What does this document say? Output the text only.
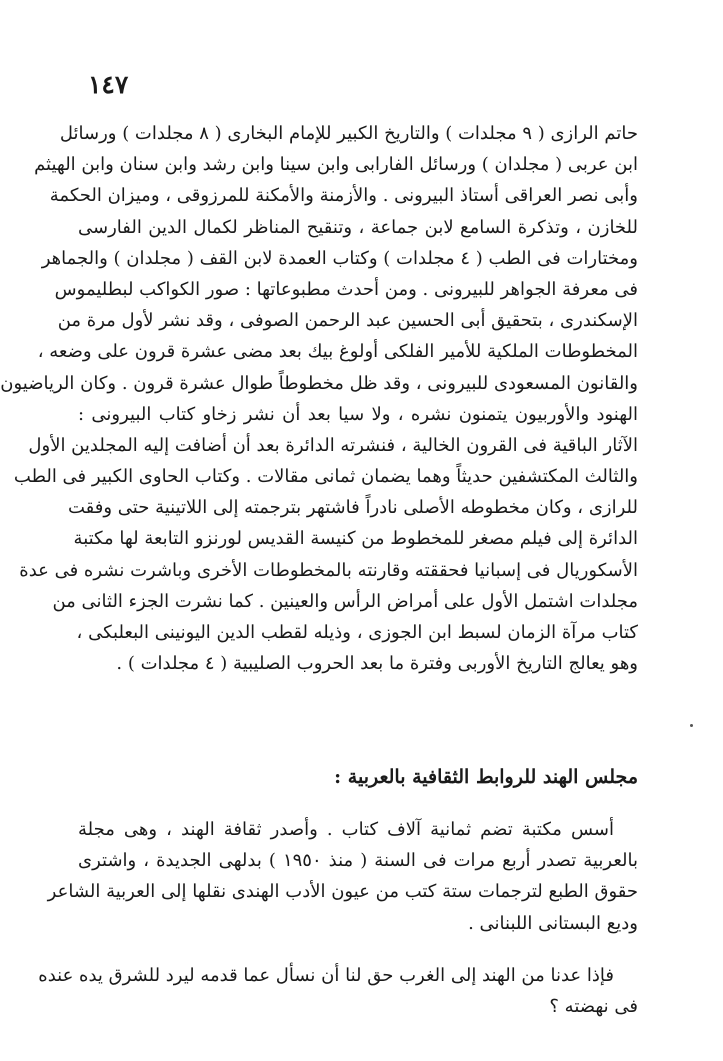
١٤٧
حاتم الرازى ( ٩ مجلدات ) والتاريخ الكبير للإمام البخارى ( ٨ مجلدات ) ورسائل
ابن عربى ( مجلدان ) ورسائل الفارابى وابن سينا وابن رشد وابن سنان وابن الهيثم
وأبى نصر العراقى أستاذ البيرونى . والأزمنة والأمكنة للمرزوقى ، وميزان الحكمة
للخازن ، وتذكرة السامع لابن جماعة ، وتنقيح المناظر لكمال الدين الفارسى
ومختارات فى الطب ( ٤ مجلدات ) وكتاب العمدة لابن القف ( مجلدان ) والجماهر
فى معرفة الجواهر للبيرونى . ومن أحدث مطبوعاتها : صور الكواكب لبطليموس
الإسكندرى ، بتحقيق أبى الحسين عبد الرحمن الصوفى ، وقد نشر لأول مرة من
المخطوطات الملكية للأمير الفلكى أولوغ بيك بعد مضى عشرة قرون على وضعه ،
والقانون المسعودى للبيرونى ، وقد ظل مخطوطاً طوال عشرة قرون . وكان الرياضيون
الهنود والأوربيون يتمنون نشره ، ولا سيا بعد أن نشر زخاو كتاب البيرونى :
الآثار الباقية فى القرون الخالية ، فنشرته الدائرة بعد أن أضافت إليه المجلدين الأول
والثالث المكتشفين حديثاً وهما يضمان ثمانى مقالات . وكتاب الحاوى الكبير فى الطب
للرازى ، وكان مخطوطه الأصلى نادراً فاشتهر بترجمته إلى اللاتينية حتى وفقت
الدائرة إلى فيلم مصغر للمخطوط من كنيسة القديس لورنزو التابعة لها مكتبة
الأسكوريال فى إسبانيا فحققته وقارنته بالمخطوطات الأخرى وباشرت نشره فى عدة
مجلدات اشتمل الأول على أمراض الرأس والعينين . كما نشرت الجزء الثانى من
كتاب مرآة الزمان لسبط ابن الجوزى ، وذيله لقطب الدين اليونينى البعلبكى ،
وهو يعالج التاريخ الأوربى وفترة ما بعد الحروب الصليبية ( ٤ مجلدات ) .
مجلس الهند للروابط الثقافية بالعربية :
أسس مكتبة تضم ثمانية آلاف كتاب . وأصدر ثقافة الهند ، وهى مجلة
بالعربية تصدر أربع مرات فى السنة ( منذ ١٩٥٠ ) بدلهى الجديدة ، واشترى
حقوق الطبع لترجمات ستة كتب من عيون الأدب الهندى نقلها إلى العربية الشاعر
وديع البستانى اللبنانى .
فإذا عدنا من الهند إلى الغرب حق لنا أن نسأل عما قدمه ليرد للشرق يده عنده
فى نهضته ؟
